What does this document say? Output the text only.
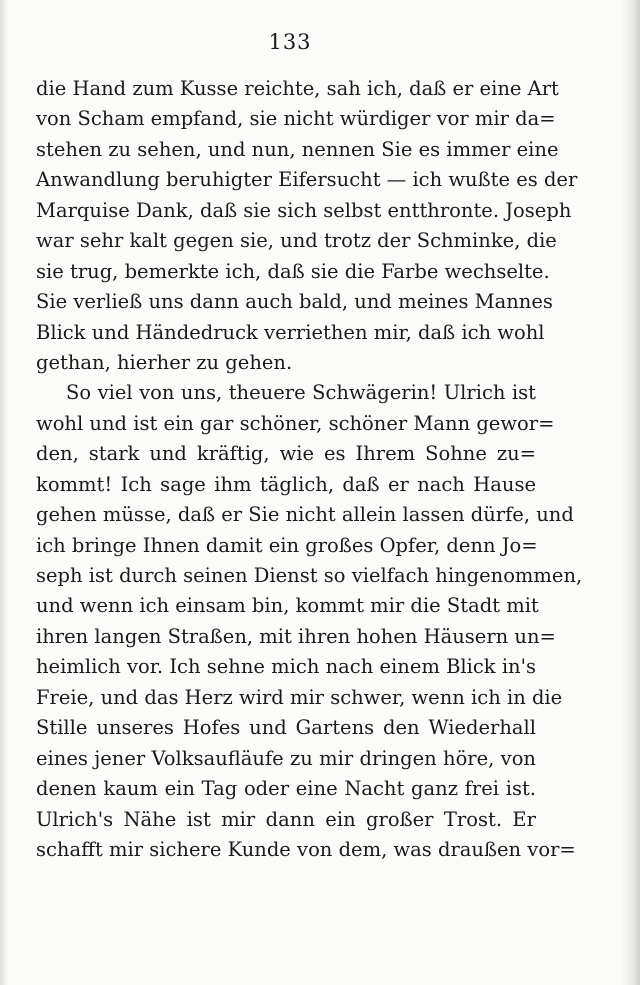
133
die Hand zum Kusse reichte, sah ich, daß er eine Art
von Scham empfand, sie nicht würdiger vor mir da=
stehen zu sehen, und nun, nennen Sie es immer eine
Anwandlung beruhigter Eifersucht — ich wußte es der
Marquise Dank, daß sie sich selbst entthronte. Joseph
war sehr kalt gegen sie, und trotz der Schminke, die
sie trug, bemerkte ich, daß sie die Farbe wechselte.
Sie verließ uns dann auch bald, und meines Mannes
Blick und Händedruck verriethen mir, daß ich wohl
gethan, hierher zu gehen.
So viel von uns, theuere Schwägerin! Ulrich ist
wohl und ist ein gar schöner, schöner Mann gewor=
den, stark und kräftig, wie es Ihrem Sohne zu=
kommt! Ich sage ihm täglich, daß er nach Hause
gehen müsse, daß er Sie nicht allein lassen dürfe, und
ich bringe Ihnen damit ein großes Opfer, denn Jo=
seph ist durch seinen Dienst so vielfach hingenommen,
und wenn ich einsam bin, kommt mir die Stadt mit
ihren langen Straßen, mit ihren hohen Häusern un=
heimlich vor. Ich sehne mich nach einem Blick in's
Freie, und das Herz wird mir schwer, wenn ich in die
Stille unseres Hofes und Gartens den Wiederhall
eines jener Volksaufläufe zu mir dringen höre, von
denen kaum ein Tag oder eine Nacht ganz frei ist.
Ulrich's Nähe ist mir dann ein großer Trost. Er
schafft mir sichere Kunde von dem, was draußen vor=
